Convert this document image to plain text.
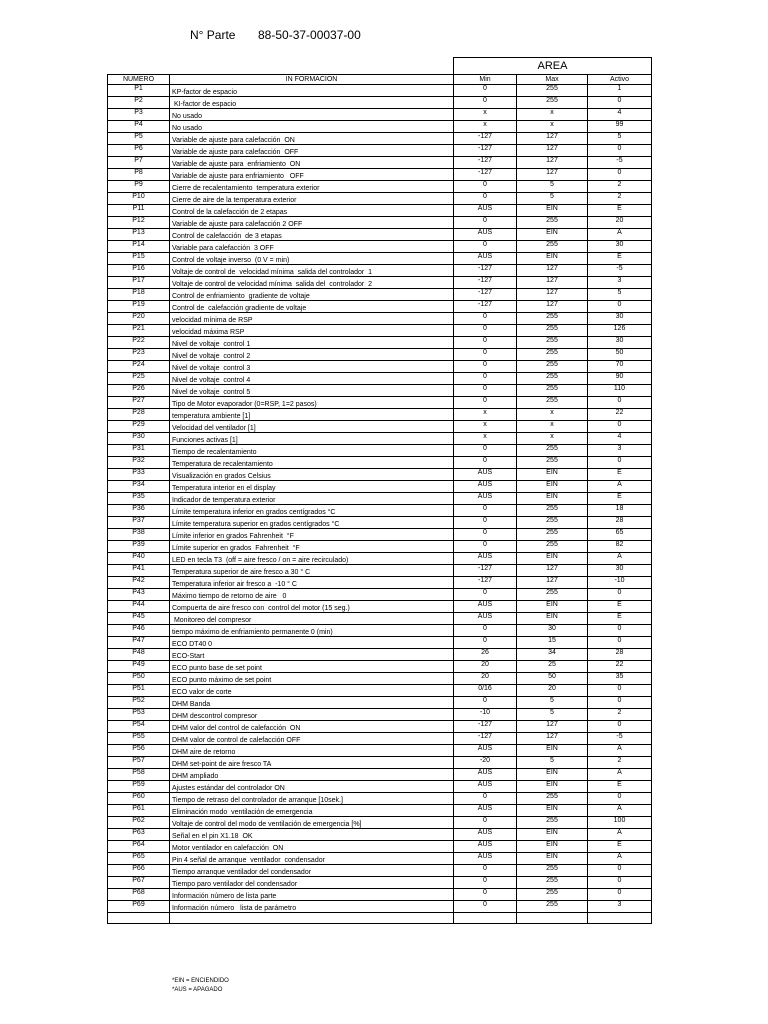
N° Parte 88-50-37-00037-00
AREA
NUMERO	IN FORMACION	Min	Max	Activo
P1	KP-factor de espacio	0	255	1
P2	KI-factor de espacio	0	255	0
P3	No usado	x	x	4
P4	No usado	x	x	99
P5	Variable de ajuste para calefacción  ON	-127	127	5
P6	Variable de ajuste para calefacción  OFF	-127	127	0
P7	Variable de ajuste para  enfriamiento  ON	-127	127	-5
P8	Variable de ajuste para enfriamiento   OFF	-127	127	0
P9	Cierre de recalentamiento  temperatura exterior	0	5	2
P10	Cierre de aire de la temperatura exterior	0	5	2
P11	Control de la calefacción de 2 etapas	AUS	EIN	E
P12	Variable de ajuste para calefacción 2 OFF	0	255	20
P13	Control de calefacción  de 3 etapas	AUS	EIN	A
P14	Variable para calefacción  3 OFF	0	255	30
P15	Control de voltaje inverso  (0 V = min)	AUS	EIN	E
P16	Voltaje de control de  velocidad mínima  salida del controlador  1	-127	127	-5
P17	Voltaje de control de velocidad mínima  salida del  controlador  2	-127	127	3
P18	Control de enfriamiento  gradiente de voltaje	-127	127	5
P19	Control de  calefacción gradiente de voltaje	-127	127	0
P20	velocidad mínima de RSP	0	255	30
P21	velocidad máxima RSP	0	255	126
P22	Nivel de voltaje  control 1	0	255	30
P23	Nivel de voltaje  control 2	0	255	50
P24	Nivel de voltaje  control 3	0	255	70
P25	Nivel de voltaje  control 4	0	255	90
P26	Nivel de voltaje  control 5	0	255	110
P27	Tipo de Motor evaporador (0=RSP, 1=2 pasos)	0	255	0
P28	temperatura ambiente [1]	x	x	22
P29	Velocidad del ventilador [1]	x	x	0
P30	Funciones activas [1]	x	x	4
P31	Tiempo de recalentamiento	0	255	3
P32	Temperatura de recalentamiento	0	255	0
P33	Visualización en grados Celsius	AUS	EIN	E
P34	Temperatura interior en el display	AUS	EIN	A
P35	Indicador de temperatura exterior	AUS	EIN	E
P36	Límite temperatura inferior en grados centígrados °C	0	255	18
P37	Límite temperatura superior en grados centígrados °C	0	255	28
P38	Límite inferior en grados Fahrenheit  °F	0	255	65
P39	Límite superior en grados  Fahrenheit  °F	0	255	82
P40	LED en tecla T3  (off = aire fresco / on = aire recirculado)	AUS	EIN	A
P41	Temperatura superior de aire fresco a 30 ° C	-127	127	30
P42	Temperatura inferior air fresco a  -10 ° C	-127	127	-10
P43	Máximo tiempo de retorno de aire   0	0	255	0
P44	Compuerta de aire fresco con  control del motor (15 seg.)	AUS	EIN	E
P45	Monitoreo del compresor	AUS	EIN	E
P46	tiempo máximo de enfriamiento permanente 0 (min)	0	30	0
P47	ECO DT40 0	0	15	0
P48	ECO-Start	26	34	28
P49	ECO punto base de set point	20	25	22
P50	ECO punto máximo de set point	20	50	35
P51	ECO valor de corte	0/16	20	0
P52	DHM Banda	0	5	0
P53	DHM descontrol compresor	-10	5	2
P54	DHM valor del control de calefacción  ON	-127	127	0
P55	DHM valor de control de calefacción OFF	-127	127	-5
P56	DHM aire de retorno	AUS	EIN	A
P57	DHM set-point de aire fresco TA	-20	5	2
P58	DHM ampliado	AUS	EIN	A
P59	Ajustes estándar del controlador ON	AUS	EIN	E
P60	Tiempo de retraso del controlador de arranque [10sek.]	0	255	0
P61	Eliminación modo  ventilación de emergencia	AUS	EIN	A
P62	Voltaje de control del modo de ventilación de emergencia [%]	0	255	100
P63	Señal en el pin X1.18  OK	AUS	EIN	A
P64	Motor ventilador en calefacción  ON	AUS	EIN	E
P65	Pin 4 señal de arranque  ventilador  condensador	AUS	EIN	A
P66	Tiempo arranque ventilador del condensador	0	255	0
P67	Tiempo paro ventilador del condensador	0	255	0
P68	Información número de lista parte	0	255	0
P69	Información número   lista de parámetro	0	255	3

*EIN = ENCIENDIDO
*AUS = APAGADO
